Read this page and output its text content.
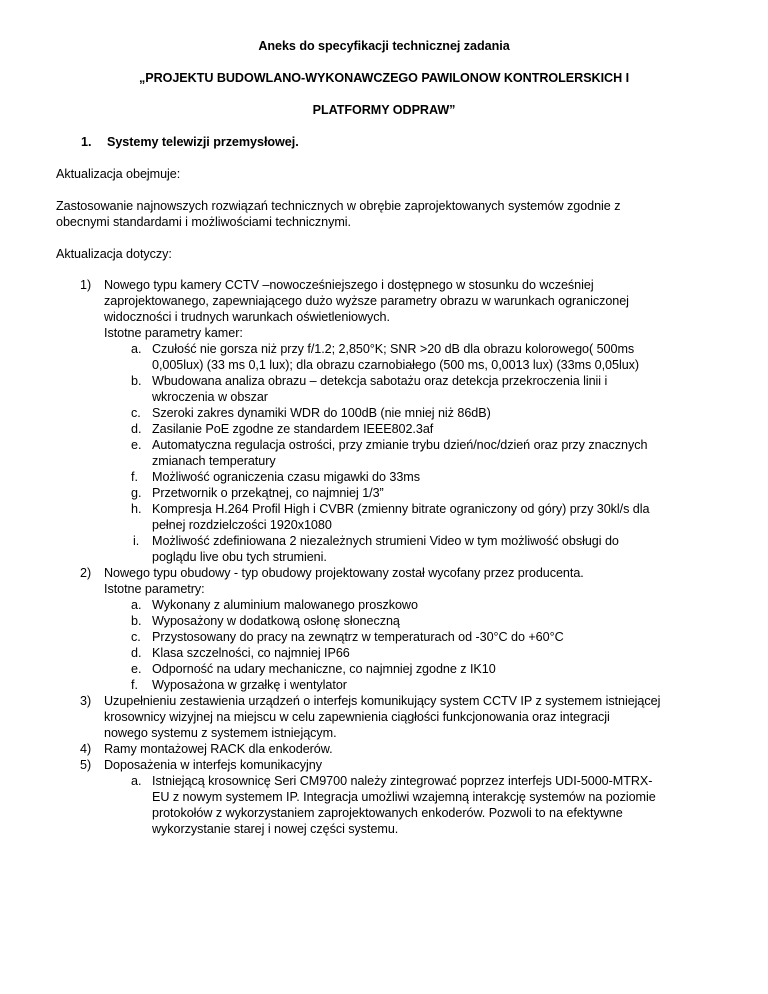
Aneks do specyfikacji technicznej zadania
„PROJEKTU BUDOWLANO-WYKONAWCZEGO PAWILONOW KONTROLERSKICH I
PLATFORMY ODPRAW”
1. Systemy telewizji przemysłowej.
Aktualizacja obejmuje:
Zastosowanie najnowszych rozwiązań technicznych w obrębie zaprojektowanych systemów zgodnie z
obecnymi standardami i możliwościami technicznymi.
Aktualizacja dotyczy:
1) Nowego typu kamery CCTV –nowocześniejszego i dostępnego w stosunku do wcześniej
zaprojektowanego, zapewniającego dużo wyższe parametry obrazu w warunkach ograniczonej
widoczności i trudnych warunkach oświetleniowych.
Istotne parametry kamer:
a. Czułość nie gorsza niż przy f/1.2; 2,850°K; SNR >20 dB dla obrazu kolorowego( 500ms
0,005lux) (33 ms 0,1 lux); dla obrazu czarnobiałego (500 ms, 0,0013 lux) (33ms 0,05lux)
b. Wbudowana analiza obrazu – detekcja sabotażu oraz detekcja przekroczenia linii i
wkroczenia w obszar
c. Szeroki zakres dynamiki WDR do 100dB (nie mniej niż 86dB)
d. Zasilanie PoE zgodne ze standardem IEEE802.3af
e. Automatyczna regulacja ostrości, przy zmianie trybu dzień/noc/dzień oraz przy znacznych
zmianach temperatury
f. Możliwość ograniczenia czasu migawki do 33ms
g. Przetwornik o przekątnej, co najmniej 1/3”
h. Kompresja H.264 Profil High i CVBR (zmienny bitrate ograniczony od góry) przy 30kl/s dla
pełnej rozdzielczości 1920x1080
i. Możliwość zdefiniowana 2 niezależnych strumieni Video w tym możliwość obsługi do
poglądu live obu tych strumieni.
2) Nowego typu obudowy - typ obudowy projektowany został wycofany przez producenta.
Istotne parametry:
a. Wykonany z aluminium malowanego proszkowo
b. Wyposażony w dodatkową osłonę słoneczną
c. Przystosowany do pracy na zewnątrz w temperaturach od -30°C do +60°C
d. Klasa szczelności, co najmniej IP66
e. Odporność na udary mechaniczne, co najmniej zgodne z IK10
f. Wyposażona w grzałkę i wentylator
3) Uzupełnieniu zestawienia urządzeń o interfejs komunikujący system CCTV IP z systemem istniejącej
krosownicy wizyjnej na miejscu w celu zapewnienia ciągłości funkcjonowania oraz integracji
nowego systemu z systemem istniejącym.
4) Ramy montażowej RACK dla enkoderów.
5) Doposażenia w interfejs komunikacyjny
a. Istniejącą krosownicę Seri CM9700 należy zintegrować poprzez interfejs UDI-5000-MTRX-
EU z nowym systemem IP. Integracja umożliwi wzajemną interakcję systemów na poziomie
protokołów z wykorzystaniem zaprojektowanych enkoderów. Pozwoli to na efektywne
wykorzystanie starej i nowej części systemu.
